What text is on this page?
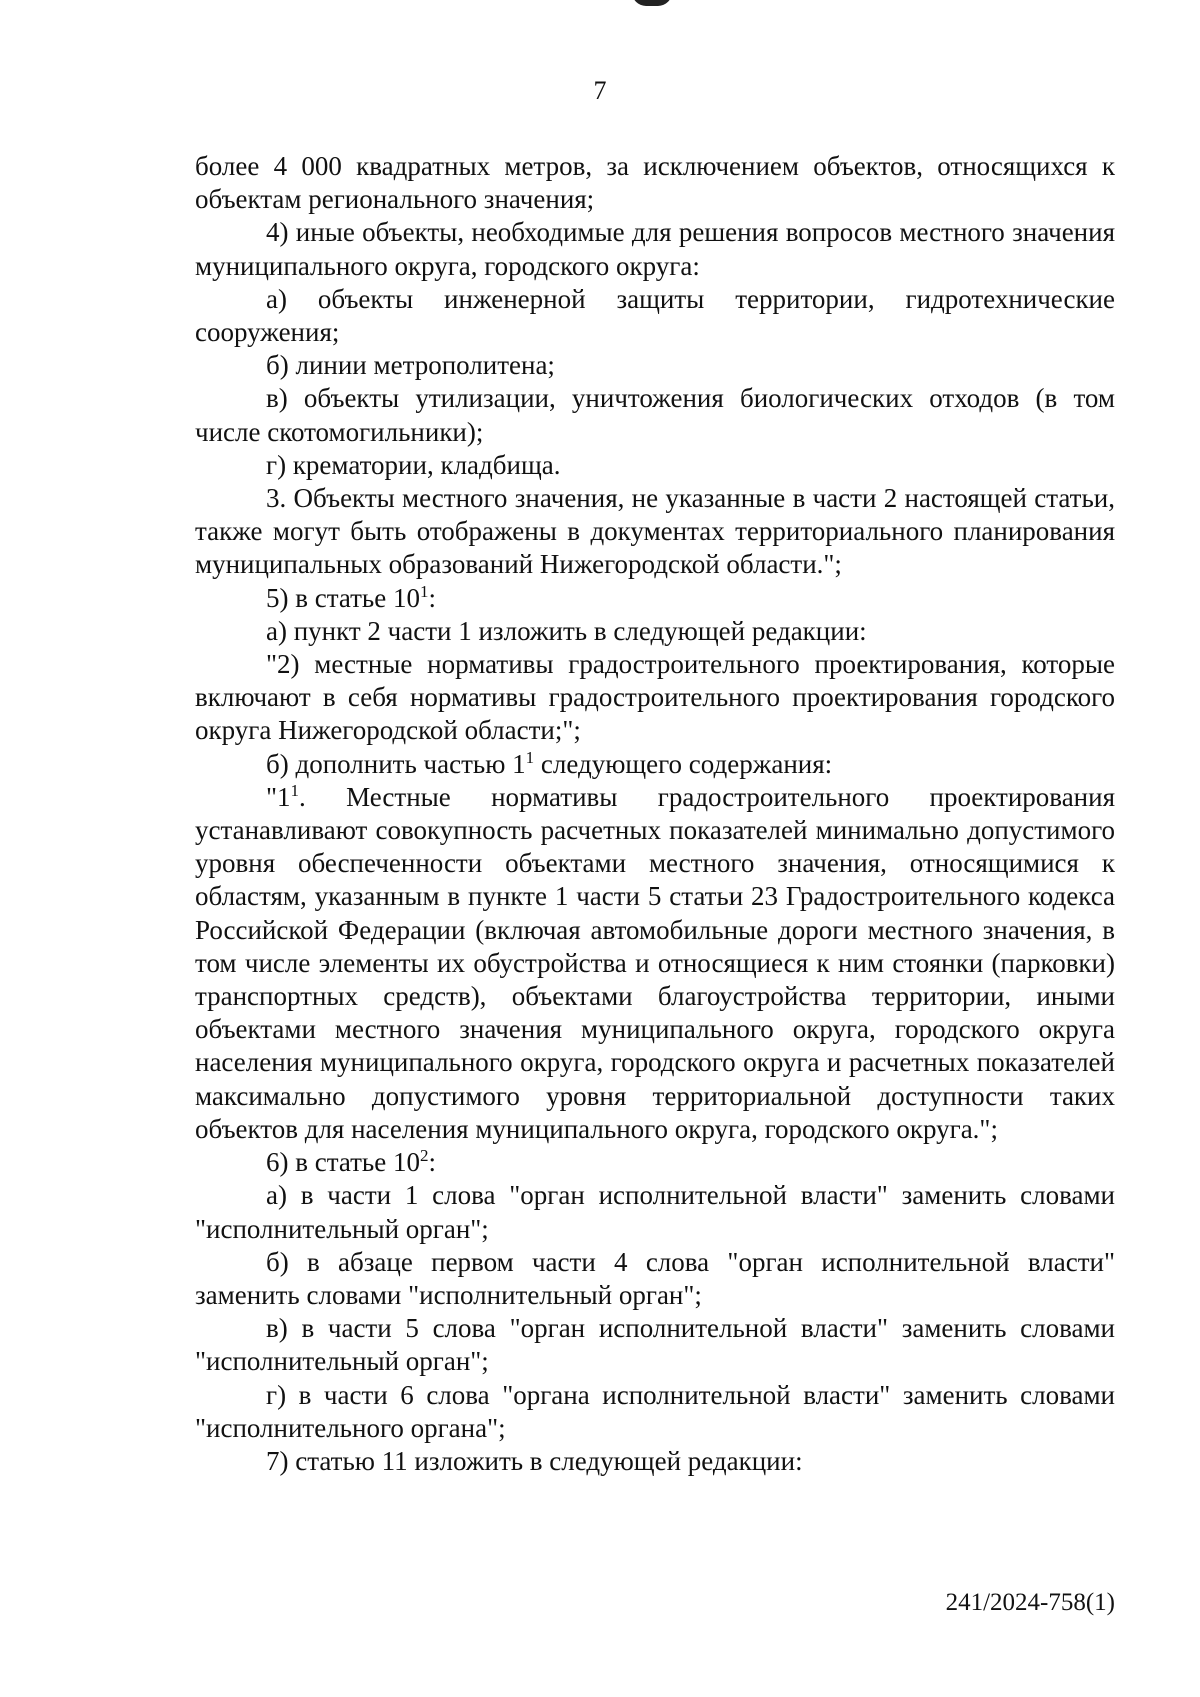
7

более 4 000 квадратных метров, за исключением объектов, относящихся к объектам регионального значения;

4) иные объекты, необходимые для решения вопросов местного значения муниципального округа, городского округа:

а) объекты инженерной защиты территории, гидротехнические сооружения;

б) линии метрополитена;

в) объекты утилизации, уничтожения биологических отходов (в том числе скотомогильники);

г) крематории, кладбища.

3. Объекты местного значения, не указанные в части 2 настоящей статьи, также могут быть отображены в документах территориального планирования муниципальных образований Нижегородской области.";

5) в статье $10^1$:

а) пункт 2 части 1 изложить в следующей редакции:

"2) местные нормативы градостроительного проектирования, которые включают в себя нормативы градостроительного проектирования городского округа Нижегородской области;";

б) дополнить частью $1^1$ следующего содержания:

"$1^1$. Местные нормативы градостроительного проектирования устанавливают совокупность расчетных показателей минимально допустимого уровня обеспеченности объектами местного значения, относящимися к областям, указанным в пункте 1 части 5 статьи 23 Градостроительного кодекса Российской Федерации (включая автомобильные дороги местного значения, в том числе элементы их обустройства и относящиеся к ним стоянки (парковки) транспортных средств), объектами благоустройства территории, иными объектами местного значения муниципального округа, городского округа населения муниципального округа, городского округа и расчетных показателей максимально допустимого уровня территориальной доступности таких объектов для населения муниципального округа, городского округа.";

6) в статье $10^2$:

а) в части 1 слова "орган исполнительной власти" заменить словами "исполнительный орган";

б) в абзаце первом части 4 слова "орган исполнительной власти" заменить словами "исполнительный орган";

в) в части 5 слова "орган исполнительной власти" заменить словами "исполнительный орган";

г) в части 6 слова "органа исполнительной власти" заменить словами "исполнительного органа";

7) статью 11 изложить в следующей редакции:

241/2024-758(1)
